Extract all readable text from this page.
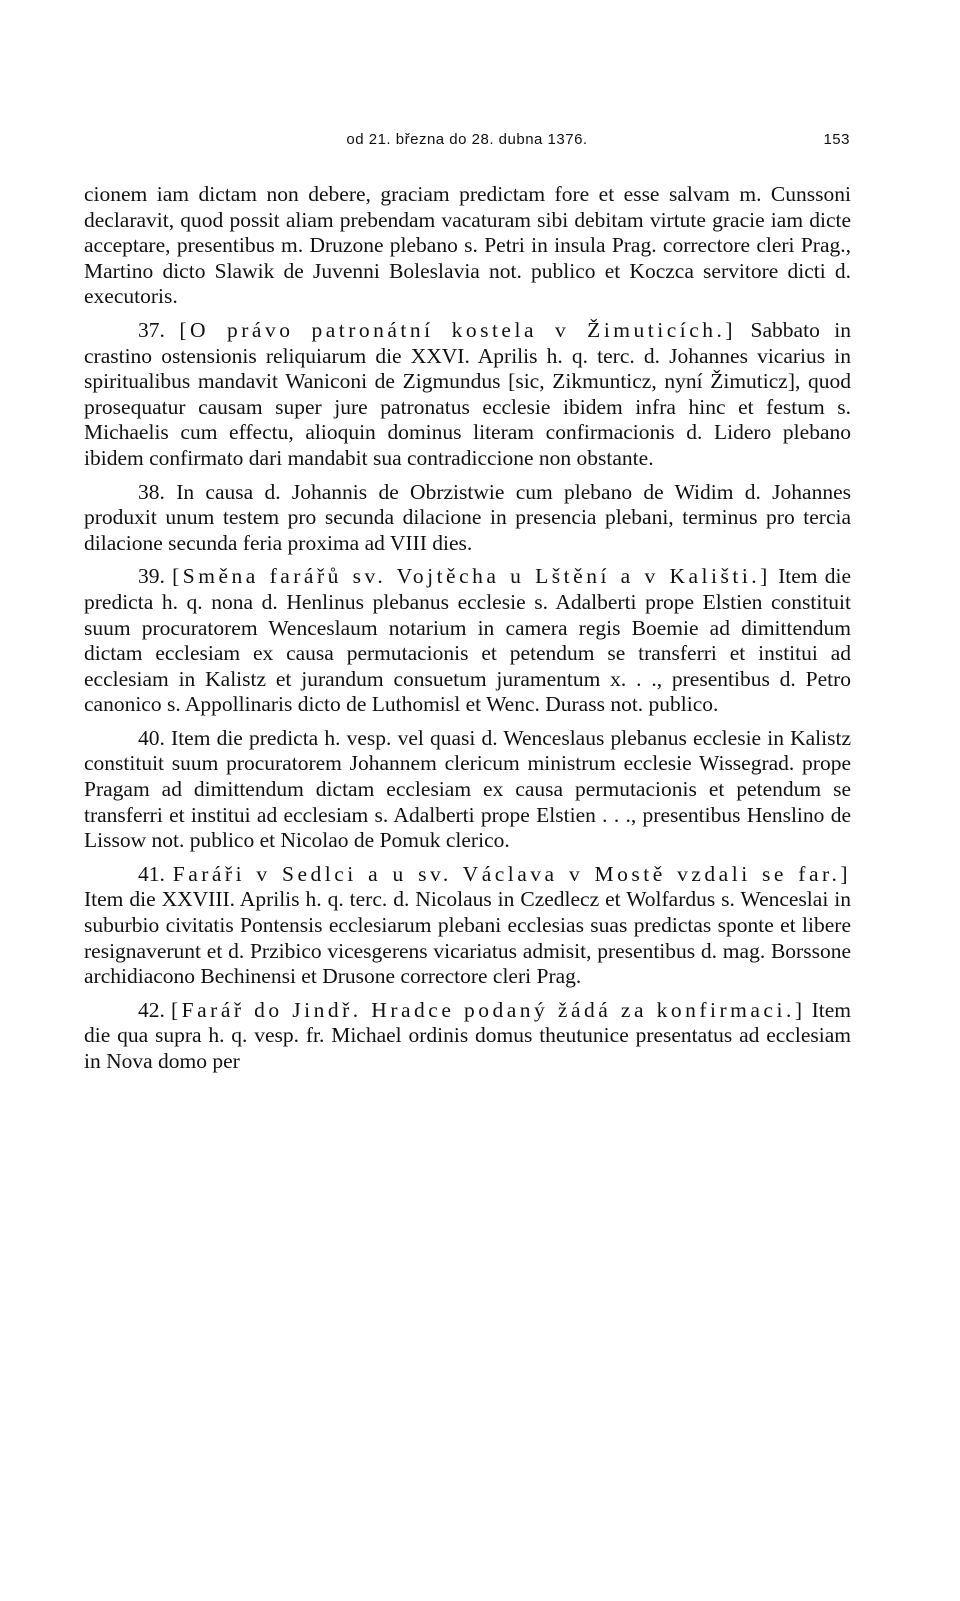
od 21. března do 28. dubna 1376.	153

cionem iam dictam non debere, graciam predictam fore et esse salvam m. Cunssoni declaravit, quod possit aliam prebendam vacaturam sibi debitam virtute gracie iam dicte acceptare, presentibus m. Druzone plebano s. Petri in insula Prag. correctore cleri Prag., Martino dicto Slawik de Juvenni Boleslavia not. publico et Koczca servitore dicti d. executoris.

37. [O právo patronátní kostela v Žimuticích.] Sabbato in crastino ostensionis reliquiarum die XXVI. Aprilis h. q. terc. d. Johannes vicarius in spiritualibus mandavit Waniconi de Zigmundus [sic, Zikmunticz, nyní Žimuticz], quod prosequatur causam super jure patronatus ecclesie ibidem infra hinc et festum s. Michaelis cum effectu, alioquin dominus literam confirmacionis d. Lidero plebano ibidem confirmato dari mandabit sua contradiccione non obstante.

38. In causa d. Johannis de Obrzistwie cum plebano de Widim d. Johannes produxit unum testem pro secunda dilacione in presencia plebani, terminus pro tercia dilacione secunda feria proxima ad VIII dies.

39. [Směna farářů sv. Vojtěcha u Lštění a v Kališti.] Item die predicta h. q. nona d. Henlinus plebanus ecclesie s. Adalberti prope Elstien constituit suum procuratorem Wenceslaum notarium in camera regis Boemie ad dimittendum dictam ecclesiam ex causa permutacionis et petendum se transferri et institui ad ecclesiam in Kalistz et jurandum consuetum juramentum x. . ., presentibus d. Petro canonico s. Appollinaris dicto de Luthomisl et Wenc. Durass not. publico.

40. Item die predicta h. vesp. vel quasi d. Wenceslaus plebanus ecclesie in Kalistz constituit suum procuratorem Johannem clericum ministrum ecclesie Wissegrad. prope Pragam ad dimittendum dictam ecclesiam ex causa permutacionis et petendum se transferri et institui ad ecclesiam s. Adalberti prope Elstien . . ., presentibus Henslino de Lissow not. publico et Nicolao de Pomuk clerico.

41. Faráři v Sedlci a u sv. Václava v Mostě vzdali se far.] Item die XXVIII. Aprilis h. q. terc. d. Nicolaus in Czedlecz et Wolfardus s. Wenceslai in suburbio civitatis Pontensis ecclesiarum plebani ecclesias suas predictas sponte et libere resignaverunt et d. Przibico vicesgerens vicariatus admisit, presentibus d. mag. Borssone archidiacono Bechinensi et Drusone correctore cleri Prag.

42. [Farář do Jindř. Hradce podaný žádá za konfirmaci.] Item die qua supra h. q. vesp. fr. Michael ordinis domus theutunice presentatus ad ecclesiam in Nova domo per
